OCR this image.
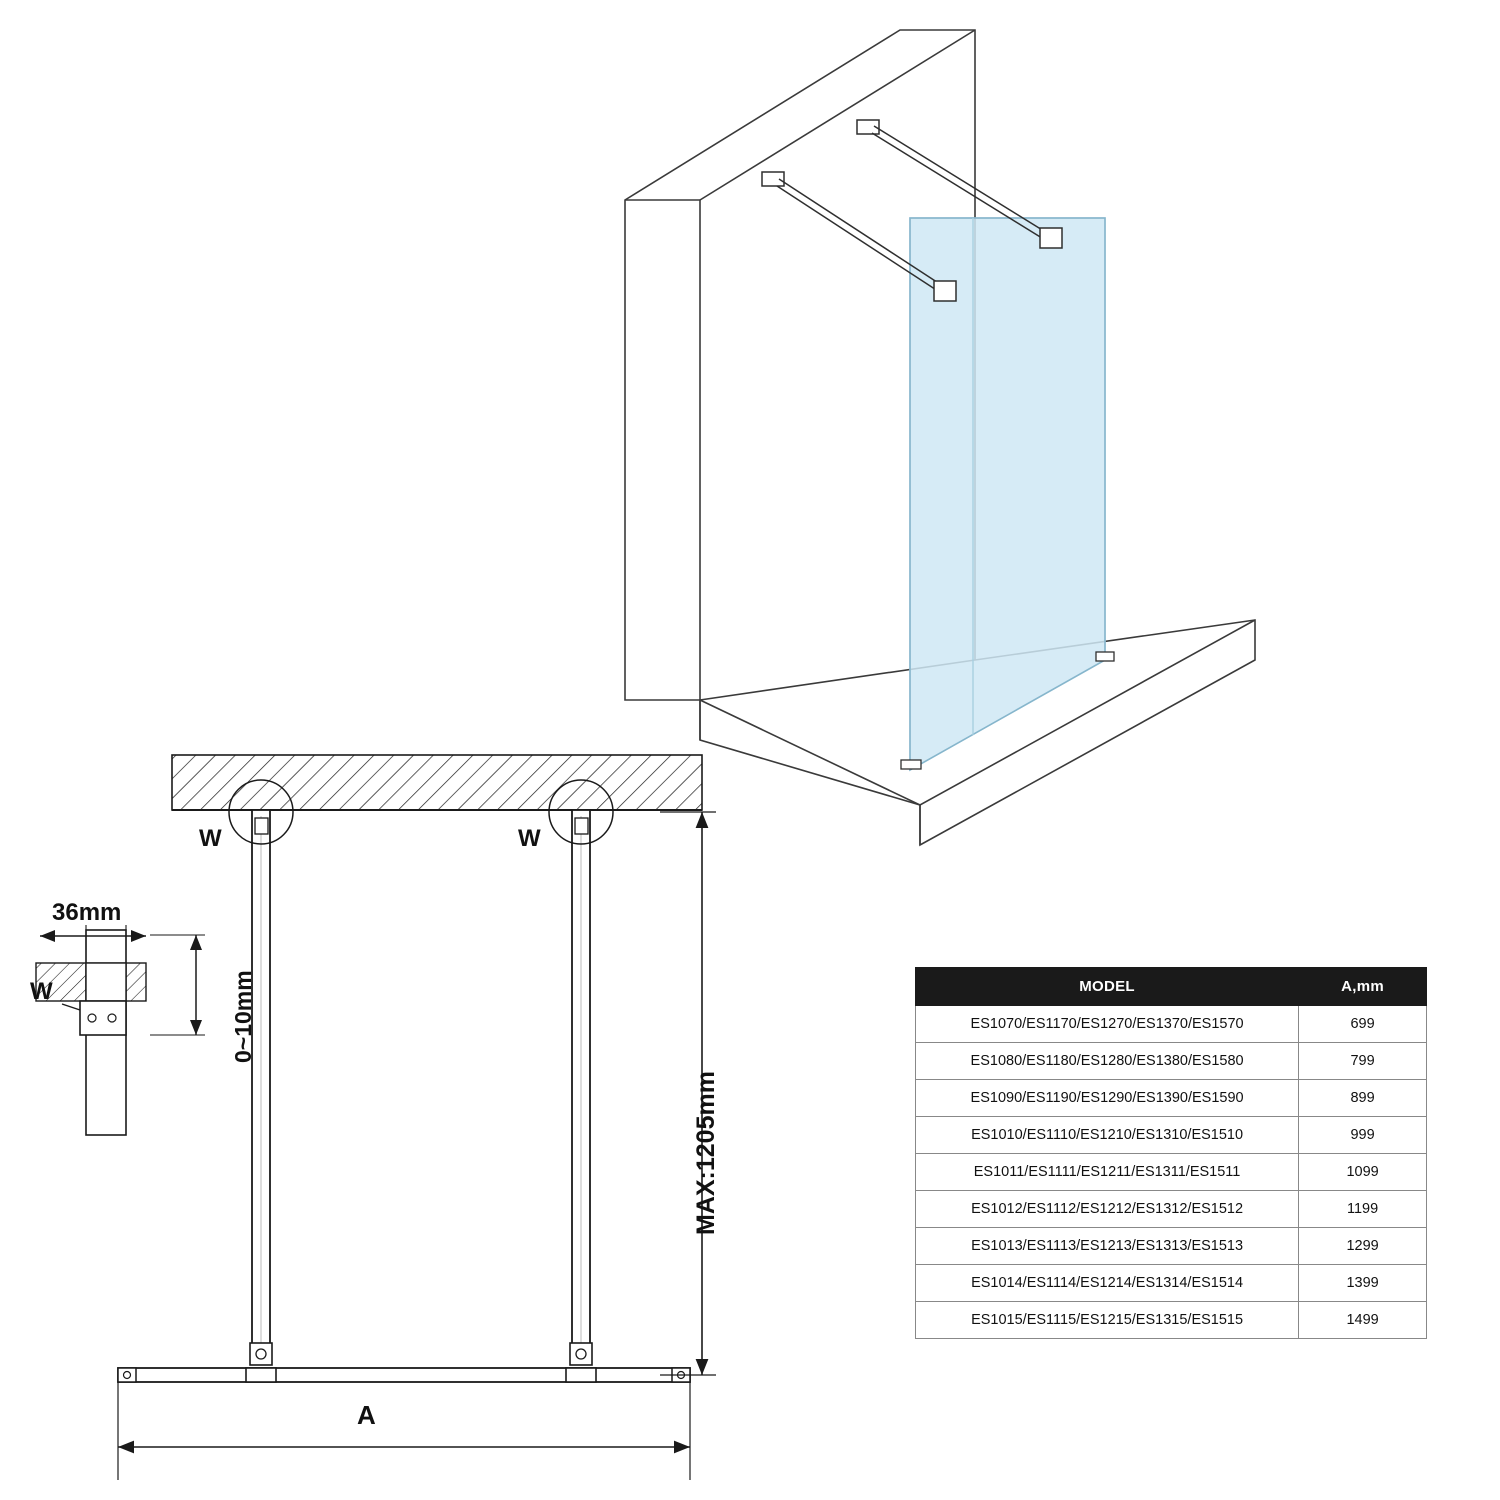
36mm
W	W
W
A
0~10mm
MAX:1205mm
MODEL	A,mm
ES1070/ES1170/ES1270/ES1370/ES1570	699
ES1080/ES1180/ES1280/ES1380/ES1580	799
ES1090/ES1190/ES1290/ES1390/ES1590	899
ES1010/ES1110/ES1210/ES1310/ES1510	999
ES1011/ES1111/ES1211/ES1311/ES1511	1099
ES1012/ES1112/ES1212/ES1312/ES1512	1199
ES1013/ES1113/ES1213/ES1313/ES1513	1299
ES1014/ES1114/ES1214/ES1314/ES1514	1399
ES1015/ES1115/ES1215/ES1315/ES1515	1499
